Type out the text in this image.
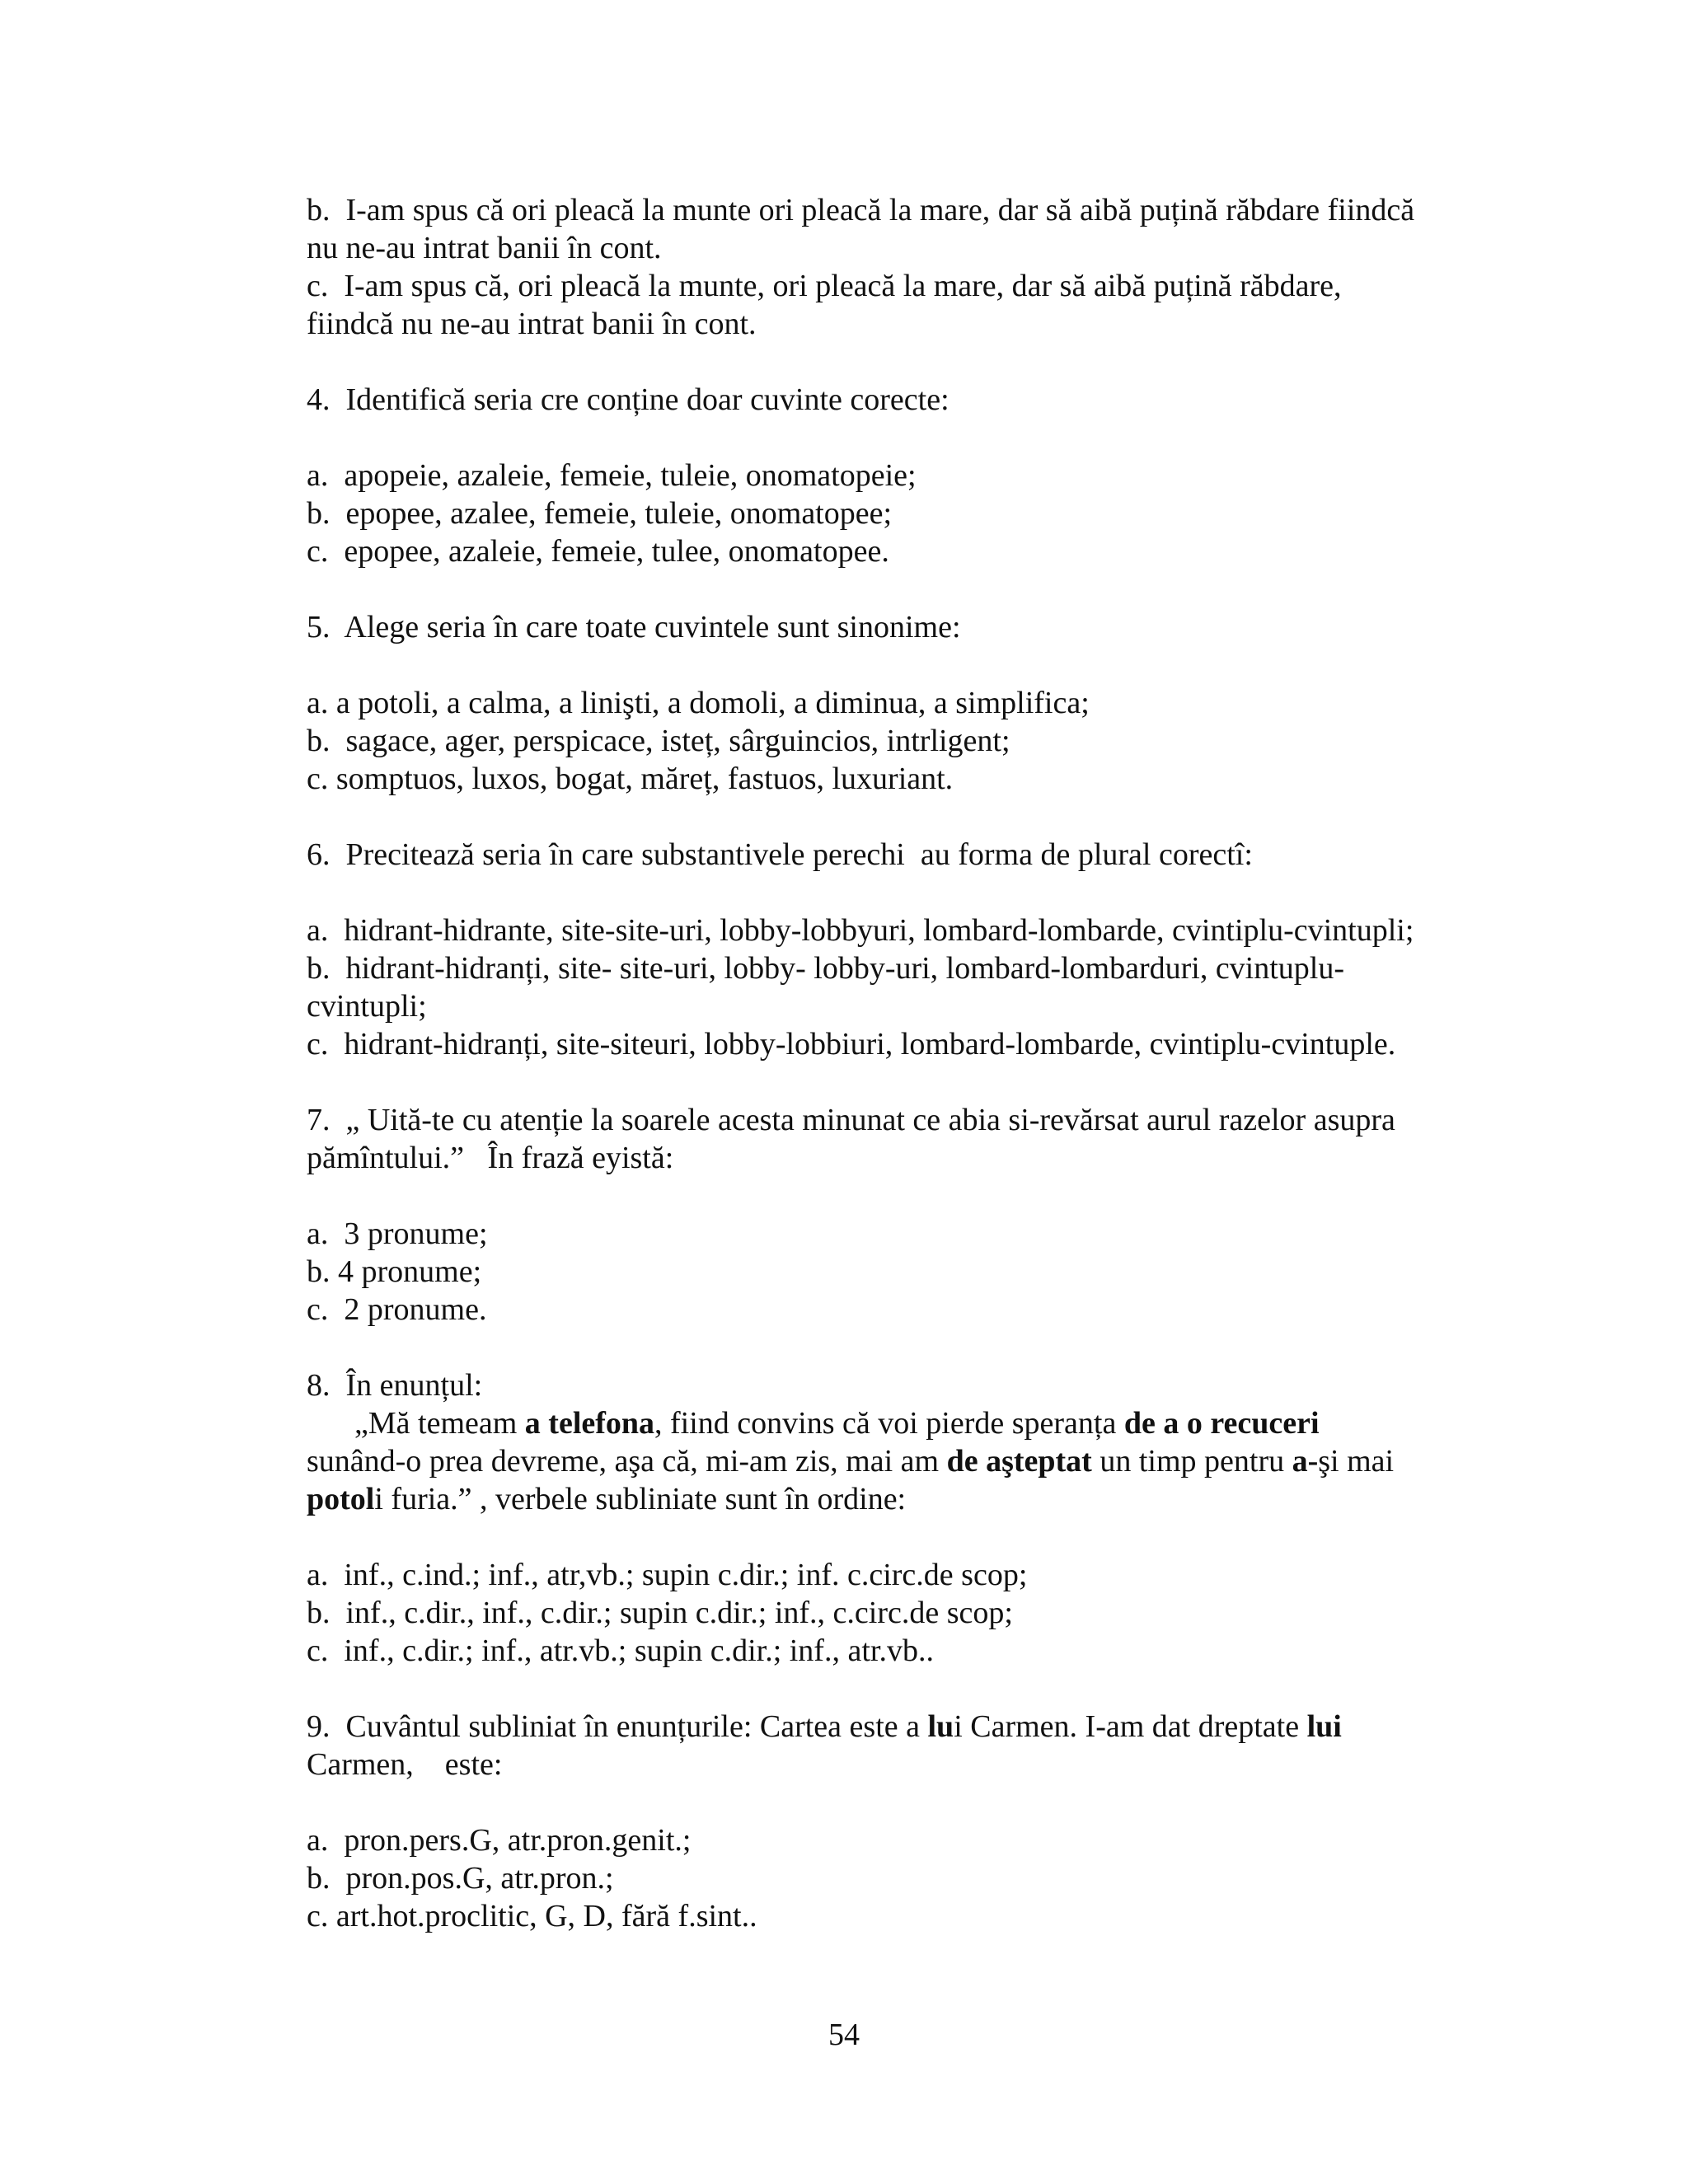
b.  I-am spus că ori pleacă la munte ori pleacă la mare, dar să aibă puțină răbdare fiindcă

nu ne-au intrat banii în cont.

c.  I-am spus că, ori pleacă la munte, ori pleacă la mare, dar să aibă puțină răbdare,

fiindcă nu ne-au intrat banii în cont.

4.  Identifică seria cre conține doar cuvinte corecte:

a.  apopeie, azaleie, femeie, tuleie, onomatopeie;

b.  epopee, azalee, femeie, tuleie, onomatopee;

c.  epopee, azaleie, femeie, tulee, onomatopee.

5.  Alege seria în care toate cuvintele sunt sinonime:

a. a potoli, a calma, a linişti, a domoli, a diminua, a simplifica;

b.  sagace, ager, perspicace, isteț, sârguincios, intrligent;

c. somptuos, luxos, bogat, măreț, fastuos, luxuriant.

6.  Precitează seria în care substantivele perechi  au forma de plural corectî:

a.  hidrant-hidrante, site-site-uri, lobby-lobbyuri, lombard-lombarde, cvintiplu-cvintupli;

b.  hidrant-hidranți, site- site-uri, lobby- lobby-uri, lombard-lombarduri, cvintuplu-

cvintupli;

c.  hidrant-hidranți, site-siteuri, lobby-lobbiuri, lombard-lombarde, cvintiplu-cvintuple.

7.  „ Uită-te cu atenție la soarele acesta minunat ce abia si-revărsat aurul razelor asupra

pămîntului.”   În frază eyistă:

a.  3 pronume;

b. 4 pronume;

c.  2 pronume.

8.  În enunțul:

„Mă temeam a telefona, fiind convins că voi pierde speranța de a o recuceri

sunând-o prea devreme, aşa că, mi-am zis, mai am de aşteptat un timp pentru a-şi mai

potoli furia.” , verbele subliniate sunt în ordine:

a.  inf., c.ind.; inf., atr,vb.; supin c.dir.; inf. c.circ.de scop;

b.  inf., c.dir., inf., c.dir.; supin c.dir.; inf., c.circ.de scop;

c.  inf., c.dir.; inf., atr.vb.; supin c.dir.; inf., atr.vb..

9.  Cuvântul subliniat în enunțurile: Cartea este a lui Carmen. I-am dat dreptate lui

Carmen,    este:

a.  pron.pers.G, atr.pron.genit.;

b.  pron.pos.G, atr.pron.;

c. art.hot.proclitic, G, D, fără f.sint..

54
